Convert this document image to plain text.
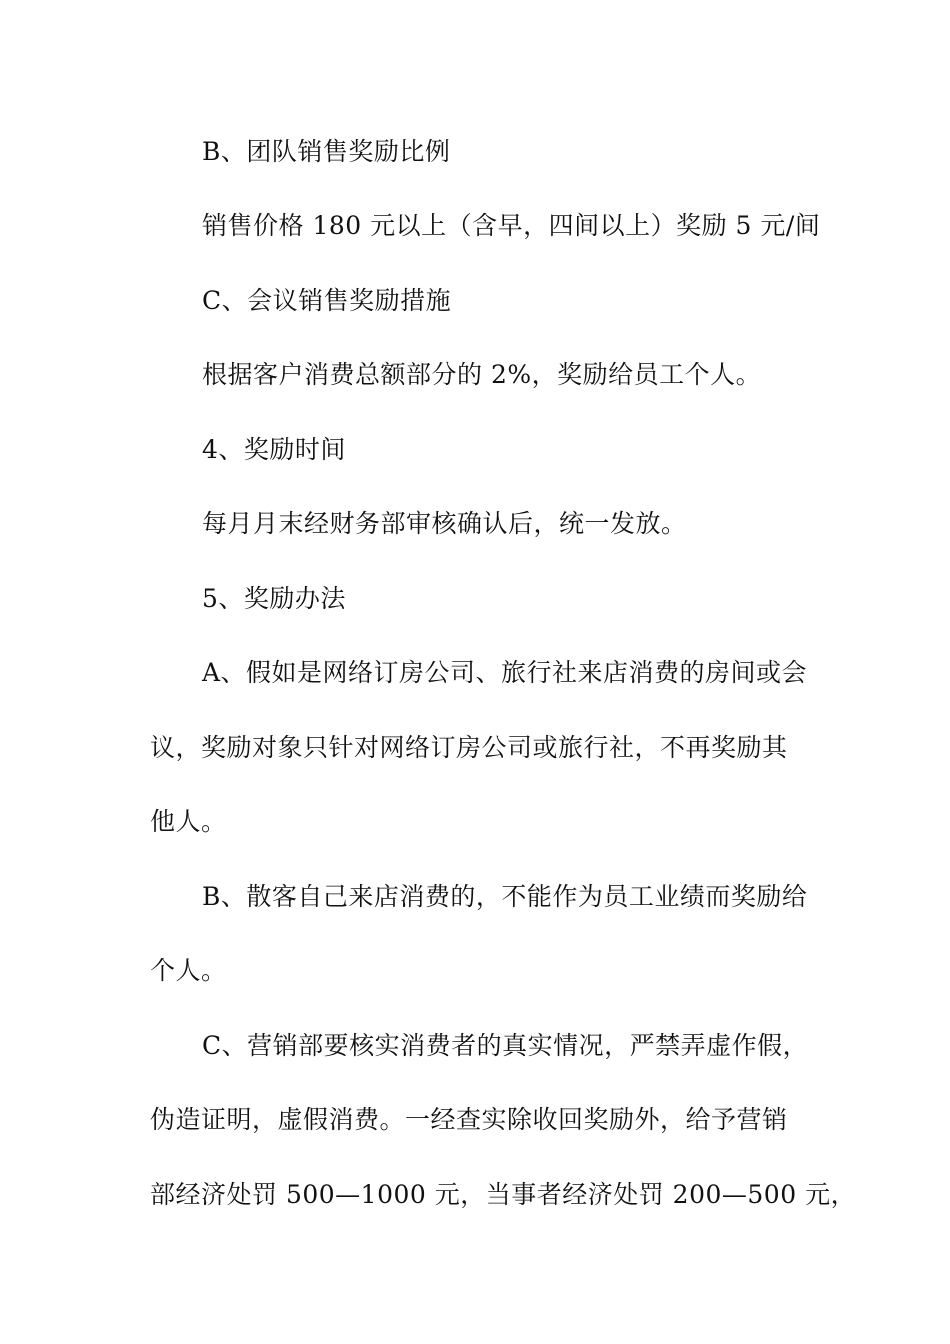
B、团队销售奖励比例
销售价格 180 元以上（含早，四间以上）奖励 5 元/间
C、会议销售奖励措施
根据客户消费总额部分的 2%，奖励给员工个人。
4、奖励时间
每月月末经财务部审核确认后，统一发放。
5、奖励办法
A、假如是网络订房公司、旅行社来店消费的房间或会
议，奖励对象只针对网络订房公司或旅行社，不再奖励其
他人。
B、散客自己来店消费的，不能作为员工业绩而奖励给
个人。
C、营销部要核实消费者的真实情况，严禁弄虚作假，
伪造证明，虚假消费。一经查实除收回奖励外，给予营销
部经济处罚 500—1000 元，当事者经济处罚 200—500 元，
